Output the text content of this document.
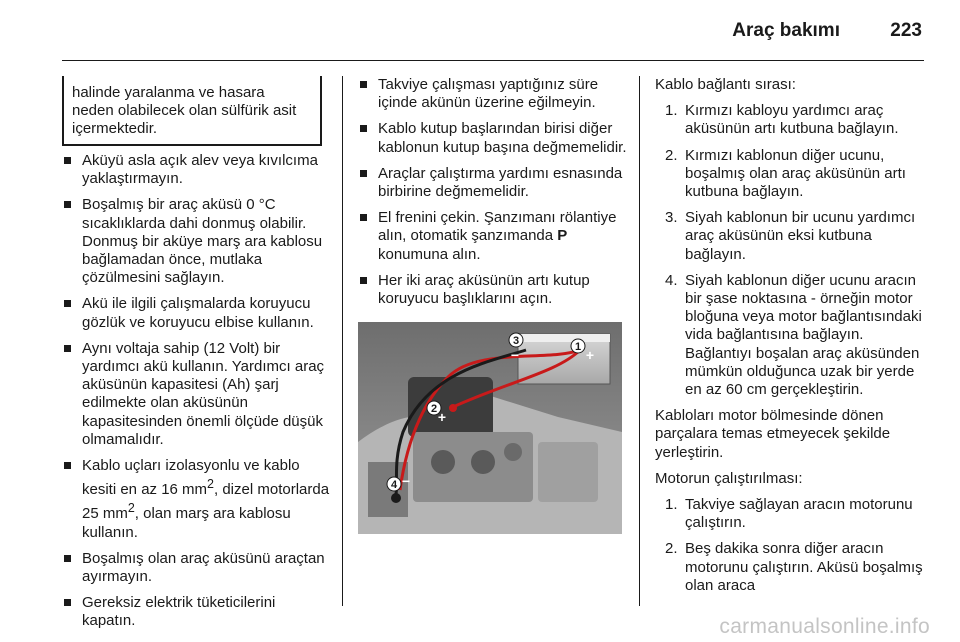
Araç bakımı	223
halinde yaralanma ve hasara
neden olabilecek olan sülfürik asit
içermektedir.
Aküyü asla açık alev veya kıvılcıma yaklaştırmayın.
Boşalmış bir araç aküsü 0 °C sıcaklıklarda dahi donmuş olabilir. Donmuş bir aküye marş ara kablosu bağlamadan önce, mutlaka çözülmesini sağlayın.
Akü ile ilgili çalışmalarda koruyucu gözlük ve koruyucu elbise kullanın.
Aynı voltaja sahip (12 Volt) bir yardımcı akü kullanın. Yardımcı araç aküsünün kapasitesi (Ah) şarj edilmekte olan aküsünün kapasitesinden önemli ölçüde düşük olmamalıdır.
Kablo uçları izolasyonlu ve kablo kesiti en az 16 $mm^2$, dizel motorlarda 25 $mm^2$, olan marş ara kablosu kullanın.
Boşalmış olan araç aküsünü araçtan ayırmayın.
Gereksiz elektrik tüketicilerini kapatın.
Takviye çalışması yaptığınız süre içinde akünün üzerine eğilmeyin.
Kablo kutup başlarından birisi diğer kablonun kutup başına değmemelidir.
Araçlar çalıştırma yardımı esnasında birbirine değmemelidir.
El frenini çekin. Şanzımanı rölantiye alın, otomatik şanzımanda P konumuna alın.
Her iki araç aküsünün artı kutup koruyucu başlıklarını açın.
3
−	1 +
2 +
4 −
Kablo bağlantı sırası:
1. Kırmızı kabloyu yardımcı araç aküsünün artı kutbuna bağlayın.
2. Kırmızı kablonun diğer ucunu, boşalmış olan araç aküsünün artı kutbuna bağlayın.
3. Siyah kablonun bir ucunu yardımcı araç aküsünün eksi kutbuna bağlayın.
4. Siyah kablonun diğer ucunu aracın bir şase noktasına - örneğin motor bloğuna veya motor bağlantısındaki vida bağlantısına bağlayın. Bağlantıyı boşalan araç aküsünden mümkün olduğunca uzak bir yerde en az 60 cm gerçekleştirin.
Kabloları motor bölmesinde dönen parçalara temas etmeyecek şekilde yerleştirin.
Motorun çalıştırılması:
1. Takviye sağlayan aracın motorunu çalıştırın.
2. Beş dakika sonra diğer aracın motorunu çalıştırın. Aküsü boşalmış olan araca
carmanualsonline.info
